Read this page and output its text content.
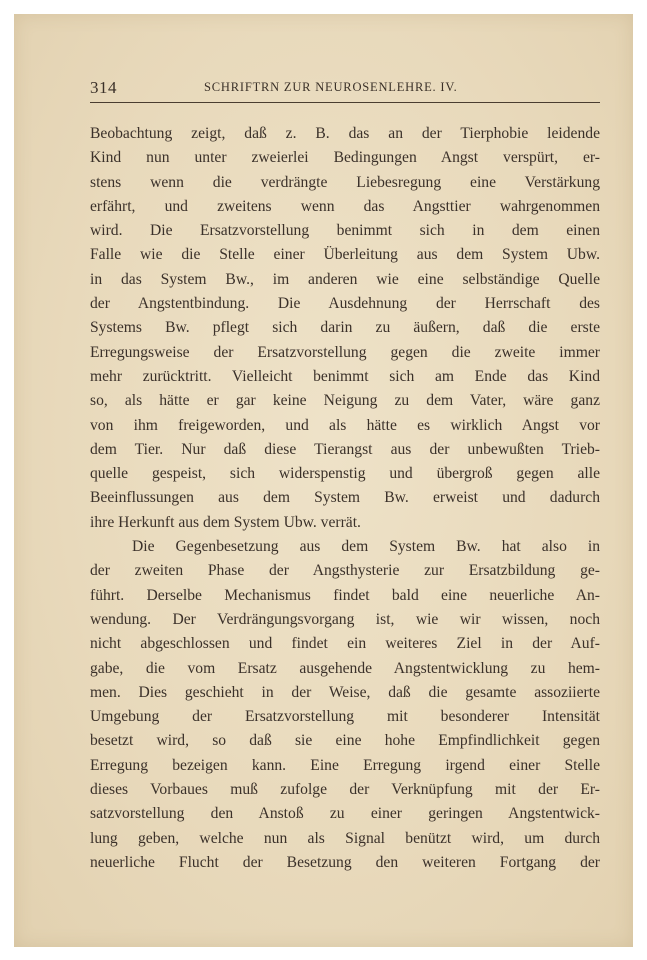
314	SCHRIFTRN ZUR NEUROSENLEHRE. IV.
Beobachtung zeigt, daß z. B. das an der Tierphobie leidende
Kind nun unter zweierlei Bedingungen Angst verspürt, er-
stens wenn die verdrängte Liebesregung eine Verstärkung
erfährt, und zweitens wenn das Angsttier wahrgenommen
wird. Die Ersatzvorstellung benimmt sich in dem einen
Falle wie die Stelle einer Überleitung aus dem System Ubw.
in das System Bw., im anderen wie eine selbständige Quelle
der Angstentbindung. Die Ausdehnung der Herrschaft des
Systems Bw. pflegt sich darin zu äußern, daß die erste
Erregungsweise der Ersatzvorstellung gegen die zweite immer
mehr zurücktritt. Vielleicht benimmt sich am Ende das Kind
so, als hätte er gar keine Neigung zu dem Vater, wäre ganz
von ihm freigeworden, und als hätte es wirklich Angst vor
dem Tier. Nur daß diese Tierangst aus der unbewußten Trieb-
quelle gespeist, sich widerspenstig und übergroß gegen alle
Beeinflussungen aus dem System Bw. erweist und dadurch
ihre Herkunft aus dem System Ubw. verrät.
Die Gegenbesetzung aus dem System Bw. hat also in
der zweiten Phase der Angsthysterie zur Ersatzbildung ge-
führt. Derselbe Mechanismus findet bald eine neuerliche An-
wendung. Der Verdrängungsvorgang ist, wie wir wissen, noch
nicht abgeschlossen und findet ein weiteres Ziel in der Auf-
gabe, die vom Ersatz ausgehende Angstentwicklung zu hem-
men. Dies geschieht in der Weise, daß die gesamte assoziierte
Umgebung der Ersatzvorstellung mit besonderer Intensität
besetzt wird, so daß sie eine hohe Empfindlichkeit gegen
Erregung bezeigen kann. Eine Erregung irgend einer Stelle
dieses Vorbaues muß zufolge der Verknüpfung mit der Er-
satzvorstellung den Anstoß zu einer geringen Angstentwick-
lung geben, welche nun als Signal benützt wird, um durch
neuerliche Flucht der Besetzung den weiteren Fortgang der
